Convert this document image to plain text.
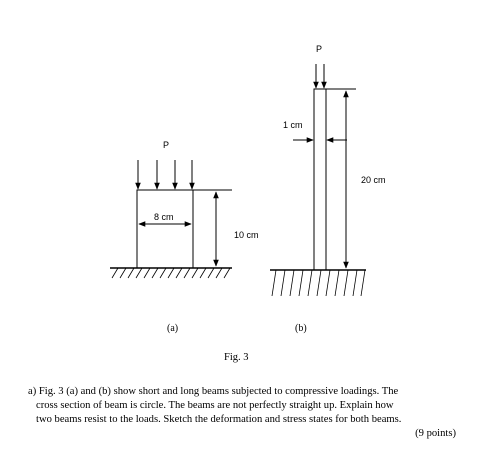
P
8 cm
10 cm
(a)
P
1 cm
20 cm
(b)
Fig. 3
a) Fig. 3 (a) and (b) show short and long beams subjected to compressive loadings. The
cross section of beam is circle. The beams are not perfectly straight up. Explain how
two beams resist to the loads. Sketch the deformation and stress states for both beams.
(9 points)
